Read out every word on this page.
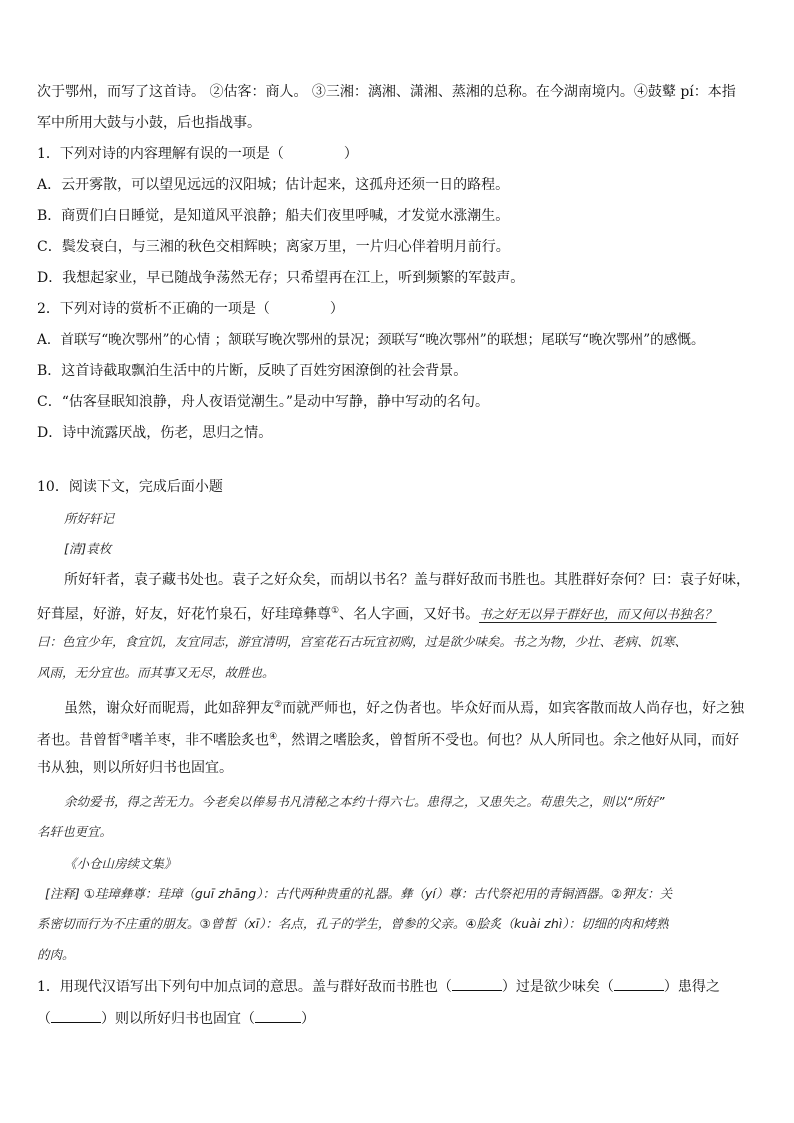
次于鄂州，而写了这首诗。 ②估客：商人。 ③三湘：漓湘、潇湘、蒸湘的总称。在今湖南境内。④鼓鼙 pí：本指
军中所用大鼓与小鼓，后也指战事。
1．下列对诗的内容理解有误的一项是（	）
A．云开雾散，可以望见远远的汉阳城；估计起来，这孤舟还须一日的路程。
B．商贾们白日睡觉，是知道风平浪静；船夫们夜里呼喊，才发觉水涨潮生。
C．鬓发衰白，与三湘的秋色交相辉映；离家万里，一片归心伴着明月前行。
D．我想起家业，早已随战争荡然无存；只希望再在江上，听到频繁的军鼓声。
2．下列对诗的赏析不正确的一项是（	）
A．首联写“晚次鄂州”的心情 ；颔联写晚次鄂州的景况；颈联写“晚次鄂州”的联想；尾联写“晚次鄂州”的感慨。
B．这首诗截取飘泊生活中的片断，反映了百姓穷困潦倒的社会背景。
C．“估客昼眠知浪静，舟人夜语觉潮生。”是动中写静，静中写动的名句。
D．诗中流露厌战，伤老，思归之情。
10．阅读下文，完成后面小题
所好轩记
[清]袁枚
所好轩者，袁子藏书处也。袁子之好众矣，而胡以书名？盖与群好敌而书胜也。其胜群好奈何？曰：袁子好味，
好葺屋，好游，好友，好花竹泉石，好珪璋彝尊①、名人字画，又好书。书之好无以异于群好也，而又何以书独名？
曰：色宜少年，食宜饥，友宜同志，游宜清明，宫室花石古玩宜初购，过是欲少味矣。书之为物，少壮、老病、饥寒、
风雨，无分宜也。而其事又无尽，故胜也。
虽然，谢众好而昵焉，此如辞狎友②而就严师也，好之伪者也。毕众好而从焉，如宾客散而故人尚存也，好之独
者也。昔曾皙③嗜羊枣，非不嗜脍炙也④，然谓之嗜脍炙，曾皙所不受也。何也？从人所同也。余之他好从同，而好
书从独，则以所好归书也固宜。
余幼爱书，得之苦无力。今老矣以俸易书凡清秘之本约十得六七。患得之，又患失之。苟患失之，则以“所好”
名轩也更宜。
《小仓山房续文集》
[注释] ①珪璋彝尊：珪璋（guī zhāng）：古代两种贵重的礼器。彝（yí）尊：古代祭祀用的青铜酒器。②狎友：关
系密切而行为不庄重的朋友。③曾皙（xī）：名点，孔子的学生，曾参的父亲。④脍炙（kuài zhì）：切细的肉和烤熟
的肉。
1．用现代汉语写出下列句中加点词的意思。盖与群好敌而书胜也（	）过是欲少味矣（	）患得之
（	）则以所好归书也固宜（	）
